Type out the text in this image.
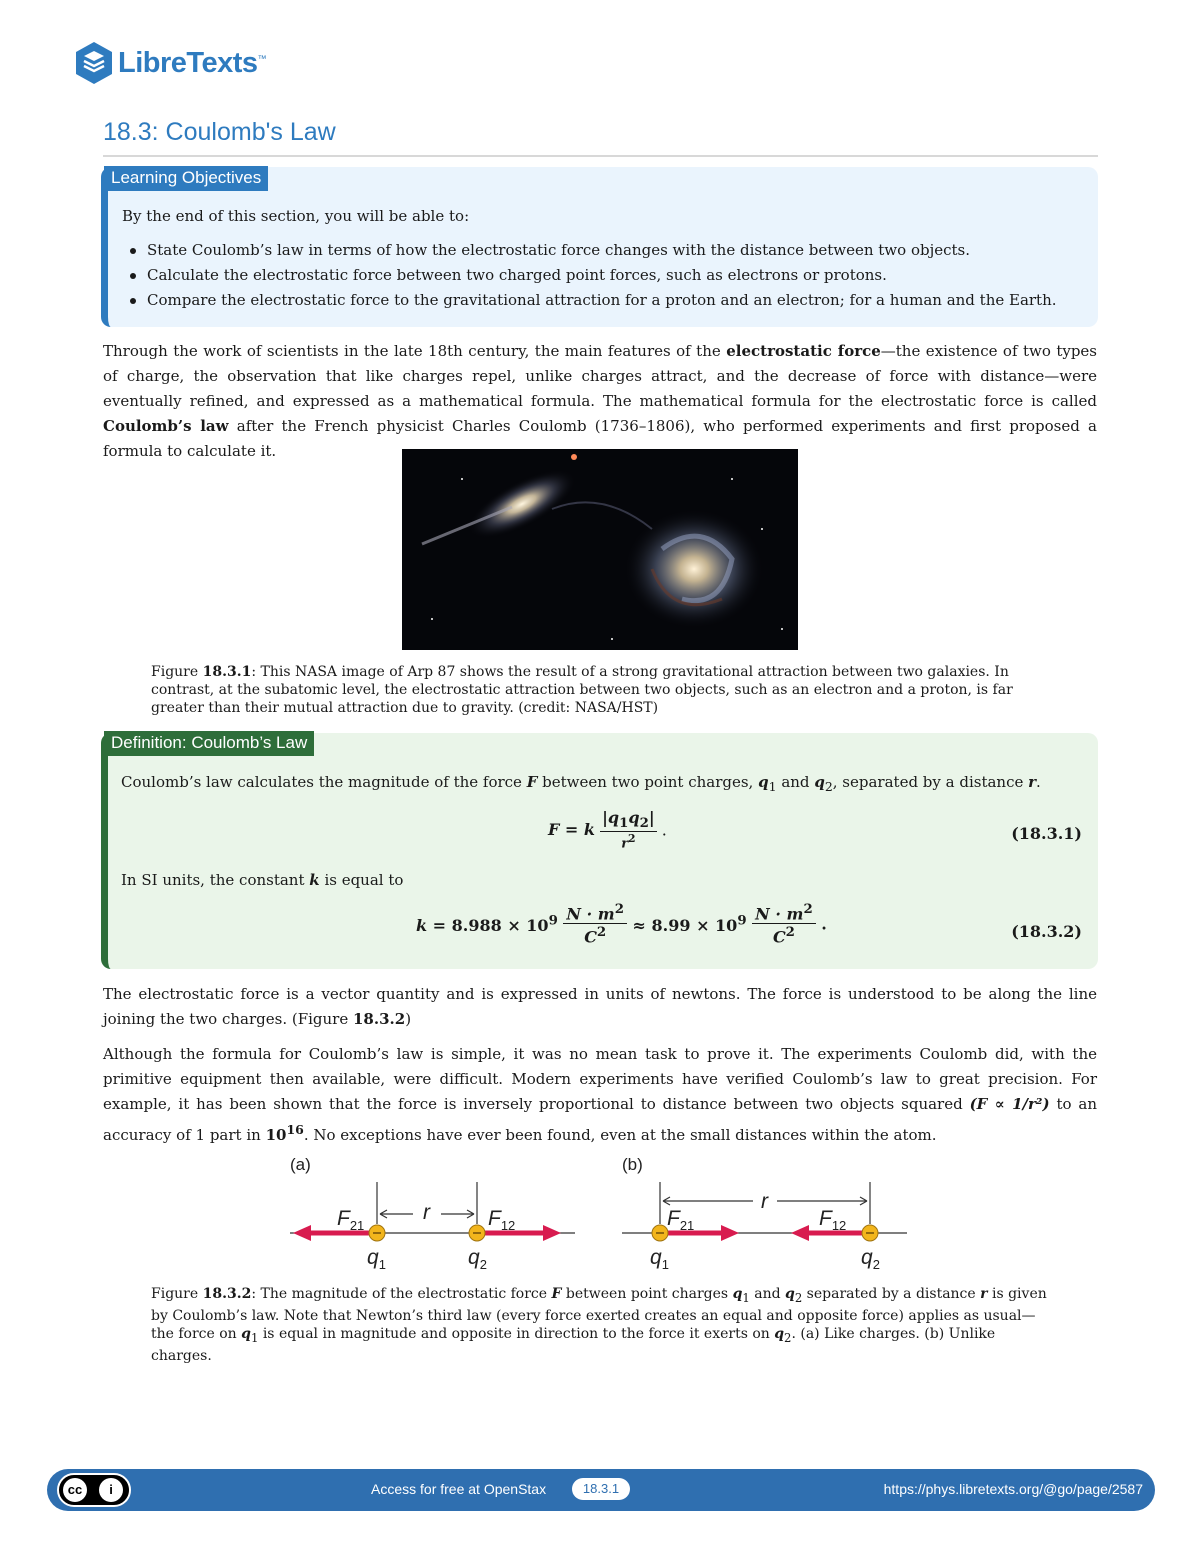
LibreTexts™
18.3: Coulomb's Law
Learning Objectives
By the end of this section, you will be able to:
State Coulomb’s law in terms of how the electrostatic force changes with the distance between two objects.
Calculate the electrostatic force between two charged point forces, such as electrons or protons.
Compare the electrostatic force to the gravitational attraction for a proton and an electron; for a human and the Earth.
Through the work of scientists in the late 18th century, the main features of the electrostatic force—the existence of two types of charge, the observation that like charges repel, unlike charges attract, and the decrease of force with distance—were eventually refined, and expressed as a mathematical formula. The mathematical formula for the electrostatic force is called Coulomb’s law after the French physicist Charles Coulomb (1736–1806), who performed experiments and first proposed a formula to calculate it.
Figure 18.3.1: This NASA image of Arp 87 shows the result of a strong gravitational attraction between two galaxies. In contrast, at the subatomic level, the electrostatic attraction between two objects, such as an electron and a proton, is far greater than their mutual attraction due to gravity. (credit: NASA/HST)
Definition: Coulomb’s Law
Coulomb’s law calculates the magnitude of the force F between two point charges, $q_1$ and $q_2$, separated by a distance r.
F = k
$|q_1q_2|$
$r^2$	.	(18.3.1)
In SI units, the constant k is equal to
$k = 8.988 \times 10^9 \frac{N \cdot m^2}{C^2} \approx 8.99 \times 10^9 \frac{N \cdot m^2}{C^2}$ .	(18.3.2)
The electrostatic force is a vector quantity and is expressed in units of newtons. The force is understood to be along the line joining the two charges. (Figure 18.3.2)
Although the formula for Coulomb’s law is simple, it was no mean task to prove it. The experiments Coulomb did, with the primitive equipment then available, were difficult. Modern experiments have verified Coulomb’s law to great precision. For example, it has been shown that the force is inversely proportional to distance between two objects squared (F ∝ 1/r²) to an accuracy of 1 part in $10^{16}$. No exceptions have ever been found, even at the small distances within the atom.
(a)	(b)
$F_{21}$
r	$F_{12}$
$q_1$	$q_2$
$F_{21}$
r
$F_{12}$
$q_1$	$q_2$
Figure 18.3.2: The magnitude of the electrostatic force F between point charges $q_1$ and $q_2$ separated by a distance r is given by Coulomb’s law. Note that Newton’s third law (every force exerted creates an equal and opposite force) applies as usual—the force on $q_1$ is equal in magnitude and opposite in direction to the force it exerts on $q_2$. (a) Like charges. (b) Unlike charges.
cc	i	Access for free at OpenStax	18.3.1	https://phys.libretexts.org/@go/page/2587
